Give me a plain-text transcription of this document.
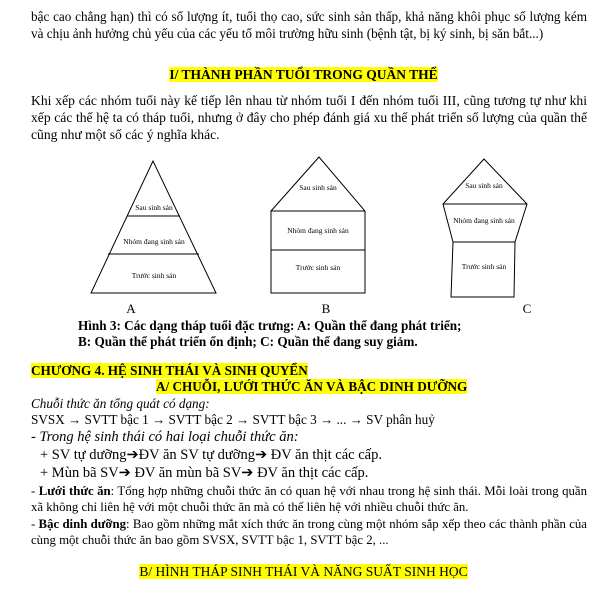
bậc cao chẳng hạn) thì có số lượng ít, tuổi thọ cao, sức sinh sản thấp, khả năng khôi phục số lượng kém và chịu ảnh hưởng chủ yếu của các yếu tố môi trường hữu sinh (bệnh tật, bị ký sinh, bị săn bắt...)
I/ THÀNH PHẦN TUỔI TRONG QUẦN THỂ
Khi xếp các nhóm tuổi này kế tiếp lên nhau từ nhóm tuổi I đến nhóm tuổi III, cũng tương tự như khi xếp các thế hệ ta có tháp tuổi, nhưng ở đây cho phép đánh giá xu thế phát triển số lượng của quần thể cũng như một số các ý nghĩa khác.
Sau sinh sản
Nhóm đang sinh sản
Trước sinh sản
A
Sau sinh sản
Nhóm đang sinh sản
Trước sinh sản
B
Sau sinh sản
Nhóm đang sinh sản
Trước sinh sản
C
Hình 3: Các dạng tháp tuổi đặc trưng: A: Quần thể đang phát triển;
B: Quần thể phát triển ổn định; C: Quần thể đang suy giảm.
CHƯƠNG 4. HỆ SINH THÁI VÀ SINH QUYỂN
A/ CHUỖI, LƯỚI THỨC ĂN VÀ BẬC DINH DƯỠNG
Chuỗi thức ăn tổng quát có dạng:
SVSX → SVTT bậc 1 → SVTT bậc 2 → SVTT bậc 3 → ... → SV phân huỷ
- Trong hệ sinh thái có hai loại chuỗi thức ăn:
+ SV tự dưỡng➔ĐV ăn SV tự dưỡng➔ ĐV ăn thịt các cấp.
+ Mùn bã SV➔ ĐV ăn mùn bã SV➔ ĐV ăn thịt các cấp.
- Lưới thức ăn: Tổng hợp những chuỗi thức ăn có quan hệ với nhau trong hệ sinh thái. Mỗi loài trong quần xã không chỉ liên hệ với một chuỗi thức ăn mà có thể liên hệ với nhiều chuỗi thức ăn.
- Bậc dinh dưỡng: Bao gồm những mắt xích thức ăn trong cùng một nhóm sắp xếp theo các thành phần của cùng một chuỗi thức ăn bao gồm SVSX, SVTT bậc 1, SVTT bậc 2, ...
B/ HÌNH THÁP SINH THÁI VÀ NĂNG SUẤT SINH HỌC
